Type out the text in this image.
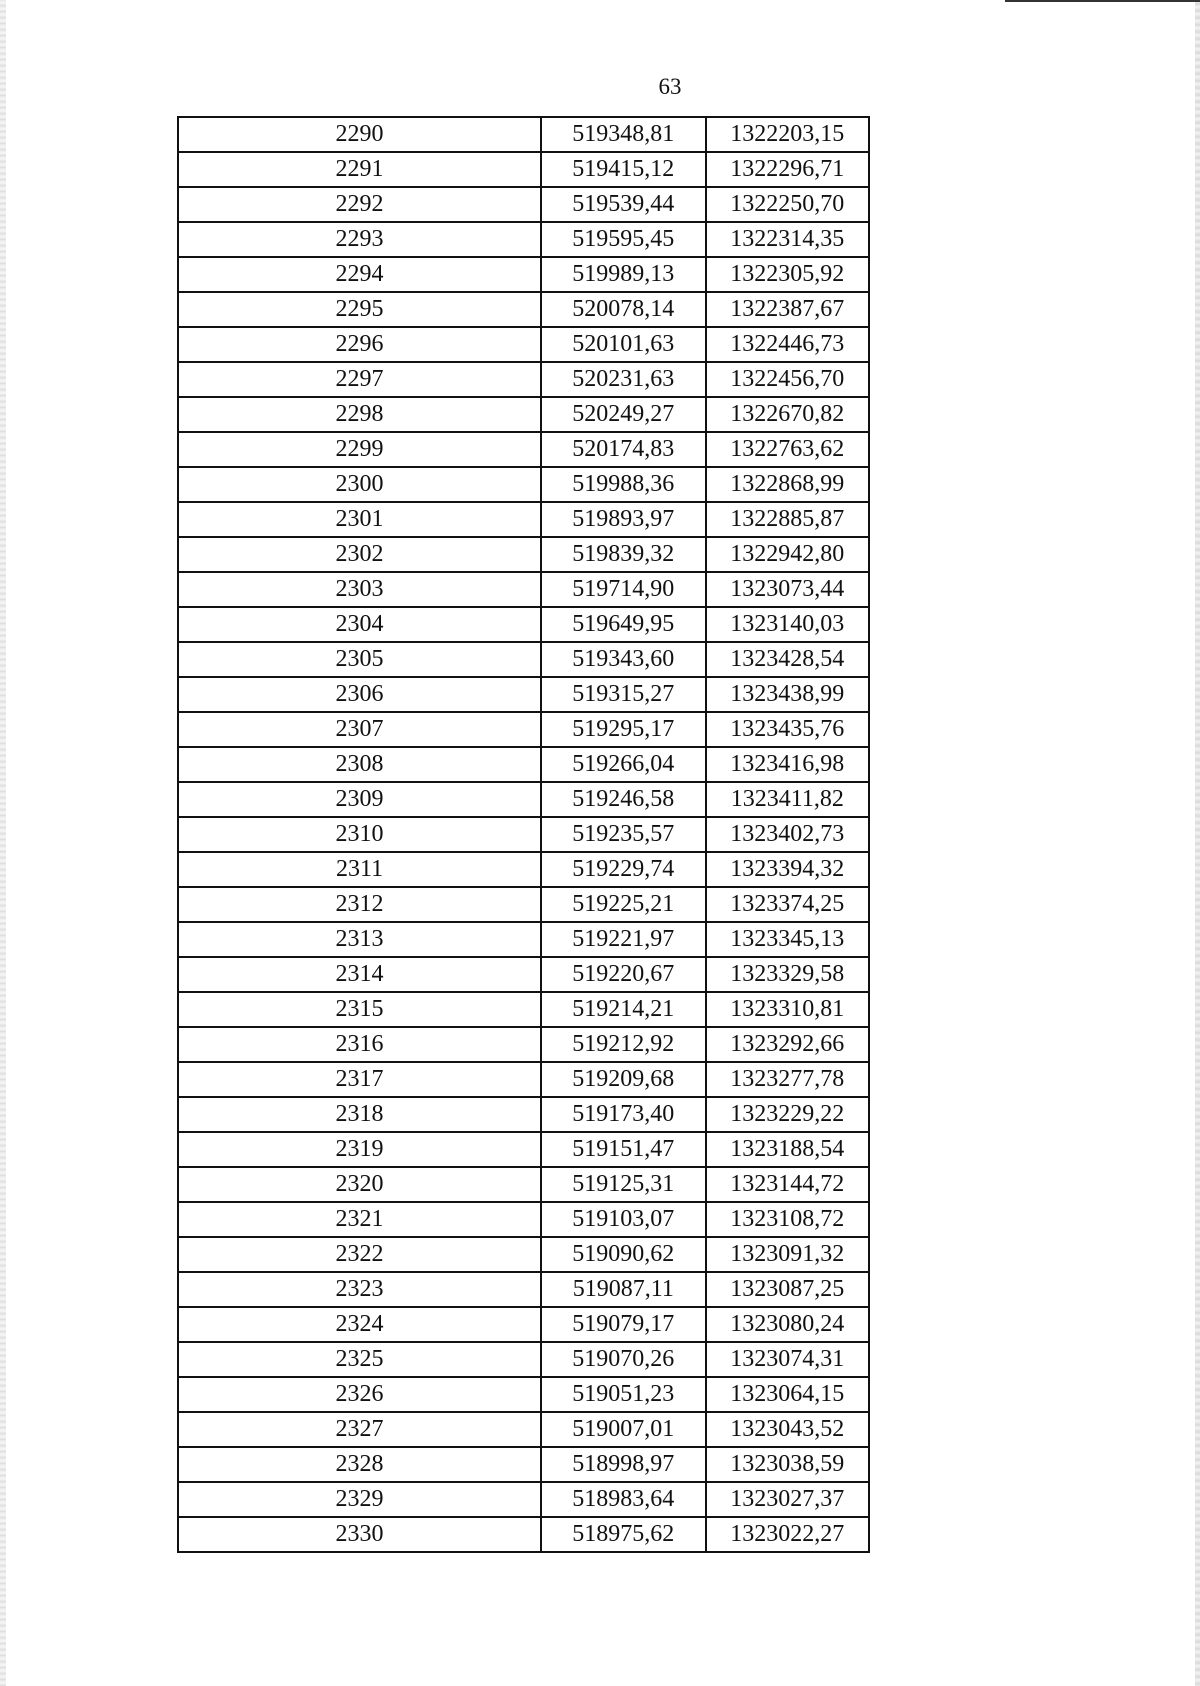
63
2290	519348,81	1322203,15
2291	519415,12	1322296,71
2292	519539,44	1322250,70
2293	519595,45	1322314,35
2294	519989,13	1322305,92
2295	520078,14	1322387,67
2296	520101,63	1322446,73
2297	520231,63	1322456,70
2298	520249,27	1322670,82
2299	520174,83	1322763,62
2300	519988,36	1322868,99
2301	519893,97	1322885,87
2302	519839,32	1322942,80
2303	519714,90	1323073,44
2304	519649,95	1323140,03
2305	519343,60	1323428,54
2306	519315,27	1323438,99
2307	519295,17	1323435,76
2308	519266,04	1323416,98
2309	519246,58	1323411,82
2310	519235,57	1323402,73
2311	519229,74	1323394,32
2312	519225,21	1323374,25
2313	519221,97	1323345,13
2314	519220,67	1323329,58
2315	519214,21	1323310,81
2316	519212,92	1323292,66
2317	519209,68	1323277,78
2318	519173,40	1323229,22
2319	519151,47	1323188,54
2320	519125,31	1323144,72
2321	519103,07	1323108,72
2322	519090,62	1323091,32
2323	519087,11	1323087,25
2324	519079,17	1323080,24
2325	519070,26	1323074,31
2326	519051,23	1323064,15
2327	519007,01	1323043,52
2328	518998,97	1323038,59
2329	518983,64	1323027,37
2330	518975,62	1323022,27
